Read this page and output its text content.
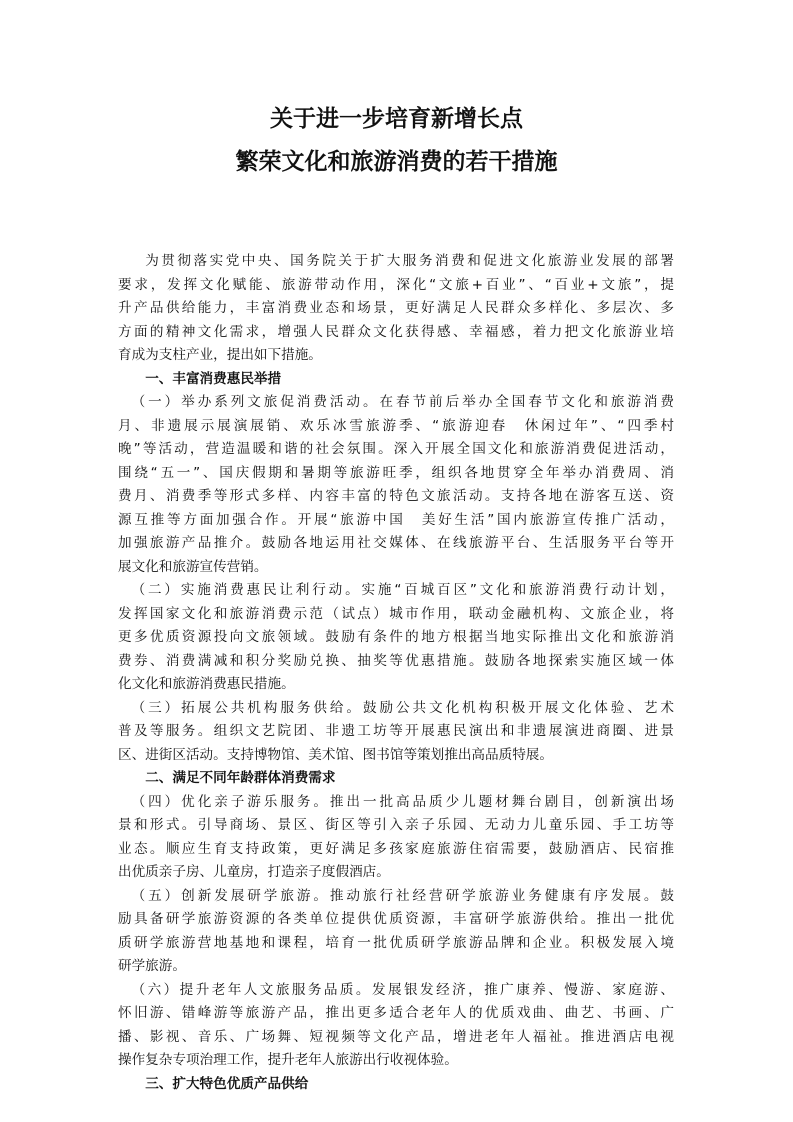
关于进一步培育新增长点
繁荣文化和旅游消费的若干措施
为贯彻落实党中央、国务院关于扩大服务消费和促进文化旅游业发展的部署
要求，发挥文化赋能、旅游带动作用，深化“文旅+百业”、“百业+文旅”，提
升产品供给能力，丰富消费业态和场景，更好满足人民群众多样化、多层次、多
方面的精神文化需求，增强人民群众文化获得感、幸福感，着力把文化旅游业培
育成为支柱产业，提出如下措施。
一、丰富消费惠民举措
（一）举办系列文旅促消费活动。在春节前后举办全国春节文化和旅游消费
月、非遗展示展演展销、欢乐冰雪旅游季、“旅游迎春　休闲过年”、“四季村
晚”等活动，营造温暖和谐的社会氛围。深入开展全国文化和旅游消费促进活动，
围绕“五一”、国庆假期和暑期等旅游旺季，组织各地贯穿全年举办消费周、消
费月、消费季等形式多样、内容丰富的特色文旅活动。支持各地在游客互送、资
源互推等方面加强合作。开展“旅游中国　美好生活”国内旅游宣传推广活动，
加强旅游产品推介。鼓励各地运用社交媒体、在线旅游平台、生活服务平台等开
展文化和旅游宣传营销。
（二）实施消费惠民让利行动。实施“百城百区”文化和旅游消费行动计划，
发挥国家文化和旅游消费示范（试点）城市作用，联动金融机构、文旅企业，将
更多优质资源投向文旅领域。鼓励有条件的地方根据当地实际推出文化和旅游消
费券、消费满减和积分奖励兑换、抽奖等优惠措施。鼓励各地探索实施区域一体
化文化和旅游消费惠民措施。
（三）拓展公共机构服务供给。鼓励公共文化机构积极开展文化体验、艺术
普及等服务。组织文艺院团、非遗工坊等开展惠民演出和非遗展演进商圈、进景
区、进街区活动。支持博物馆、美术馆、图书馆等策划推出高品质特展。
二、满足不同年龄群体消费需求
（四）优化亲子游乐服务。推出一批高品质少儿题材舞台剧目，创新演出场
景和形式。引导商场、景区、街区等引入亲子乐园、无动力儿童乐园、手工坊等
业态。顺应生育支持政策，更好满足多孩家庭旅游住宿需要，鼓励酒店、民宿推
出优质亲子房、儿童房，打造亲子度假酒店。
（五）创新发展研学旅游。推动旅行社经营研学旅游业务健康有序发展。鼓
励具备研学旅游资源的各类单位提供优质资源，丰富研学旅游供给。推出一批优
质研学旅游营地基地和课程，培育一批优质研学旅游品牌和企业。积极发展入境
研学旅游。
（六）提升老年人文旅服务品质。发展银发经济，推广康养、慢游、家庭游、
怀旧游、错峰游等旅游产品，推出更多适合老年人的优质戏曲、曲艺、书画、广
播、影视、音乐、广场舞、短视频等文化产品，增进老年人福祉。推进酒店电视
操作复杂专项治理工作，提升老年人旅游出行收视体验。
三、扩大特色优质产品供给
